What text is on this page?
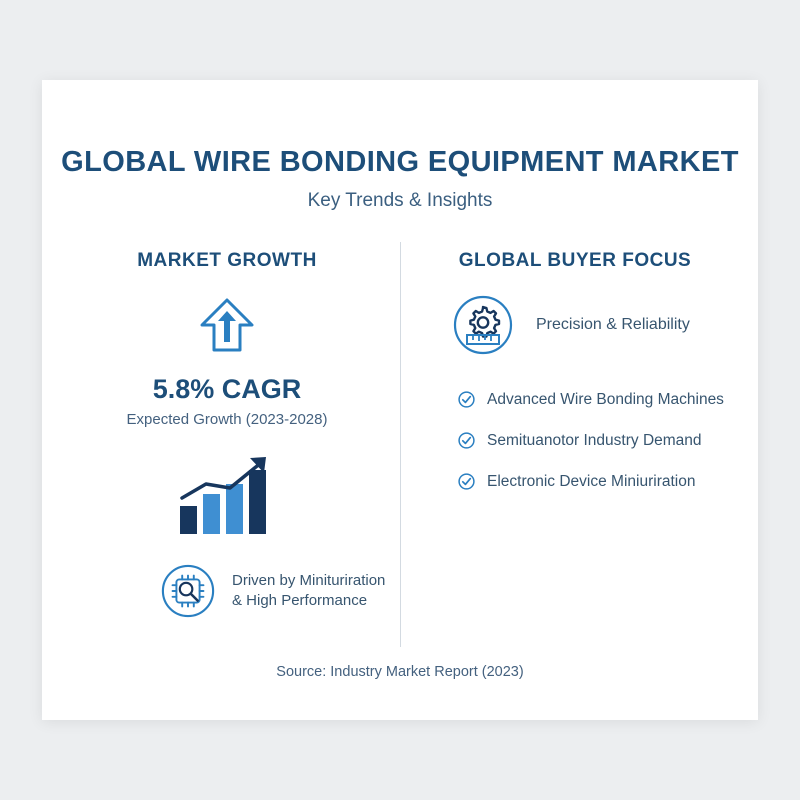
GLOBAL WIRE BONDING EQUIPMENT MARKET
Key Trends & Insights
MARKET GROWTH
5.8% CAGR
Expected Growth (2023-2028)
Driven by Minituriration & High Performance
GLOBAL BUYER FOCUS
Precision & Reliability
Advanced Wire Bonding Machines
Semituanotor Industry Demand
Electronic Device Miniuriration
Source: Industry Market Report (2023)
